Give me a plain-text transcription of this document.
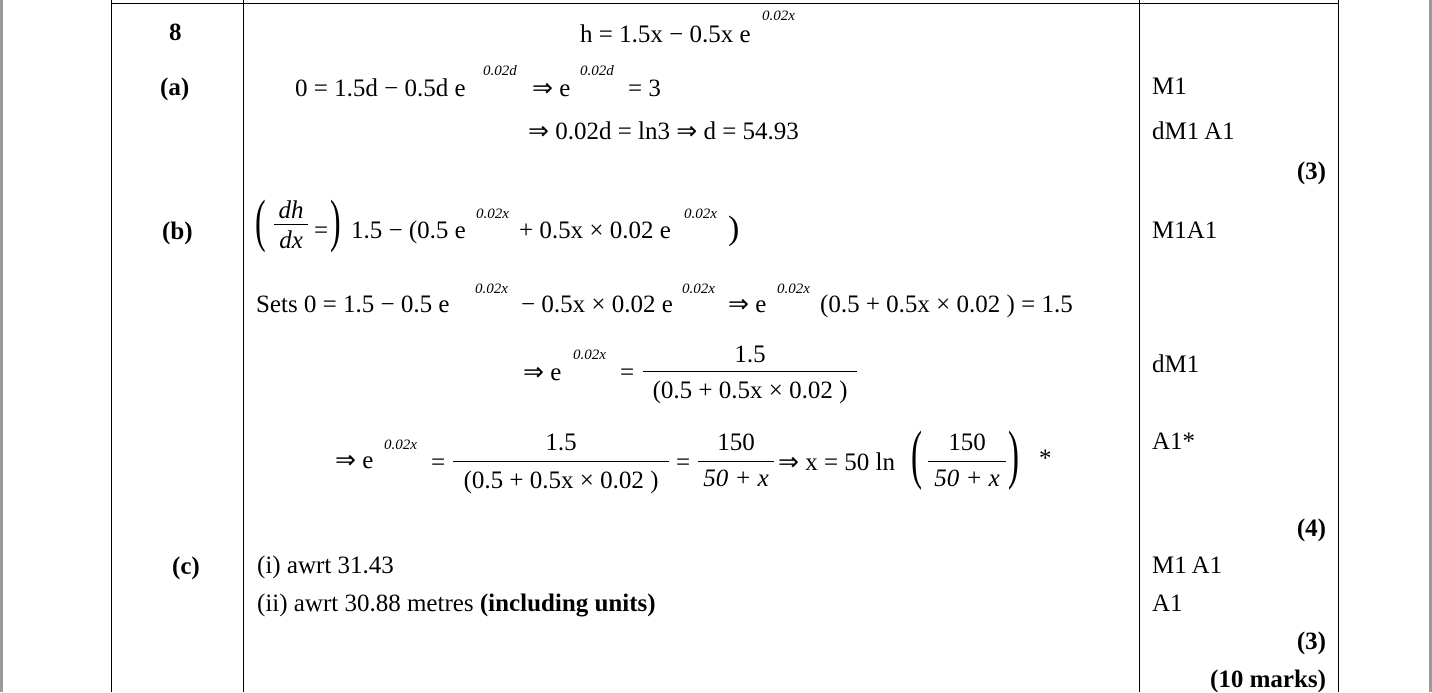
8
(a)
(b)
(c)
h = 1.5x − 0.5x e
0.02x
0 = 1.5d − 0.5d e
0.02d
⇒ e
0.02d
= 3
⇒ 0.02d = ln3 ⇒ d = 54.93
( dh
dx = ) 1.5 − (0.5 e
0.02x
+ 0.5x × 0.02 e
0.02x )
Sets 0 = 1.5 − 0.5 e
0.02x
− 0.5x × 0.02 e
0.02x
⇒ e
0.02x
(0.5 + 0.5x × 0.02 ) = 1.5
⇒ e
0.02x
=
1.5
(0.5 + 0.5x × 0.02 )
⇒ e
0.02x
=
1.5
(0.5 + 0.5x × 0.02 )
=
150
50 + x
⇒ x = 50 ln (	150
50 + x ) *
(i) awrt 31.43
(ii) awrt 30.88 metres (including units)
M1
dM1 A1
(3)
M1A1
dM1
A1*
(4)
M1 A1
A1
(3)
(10 marks)
